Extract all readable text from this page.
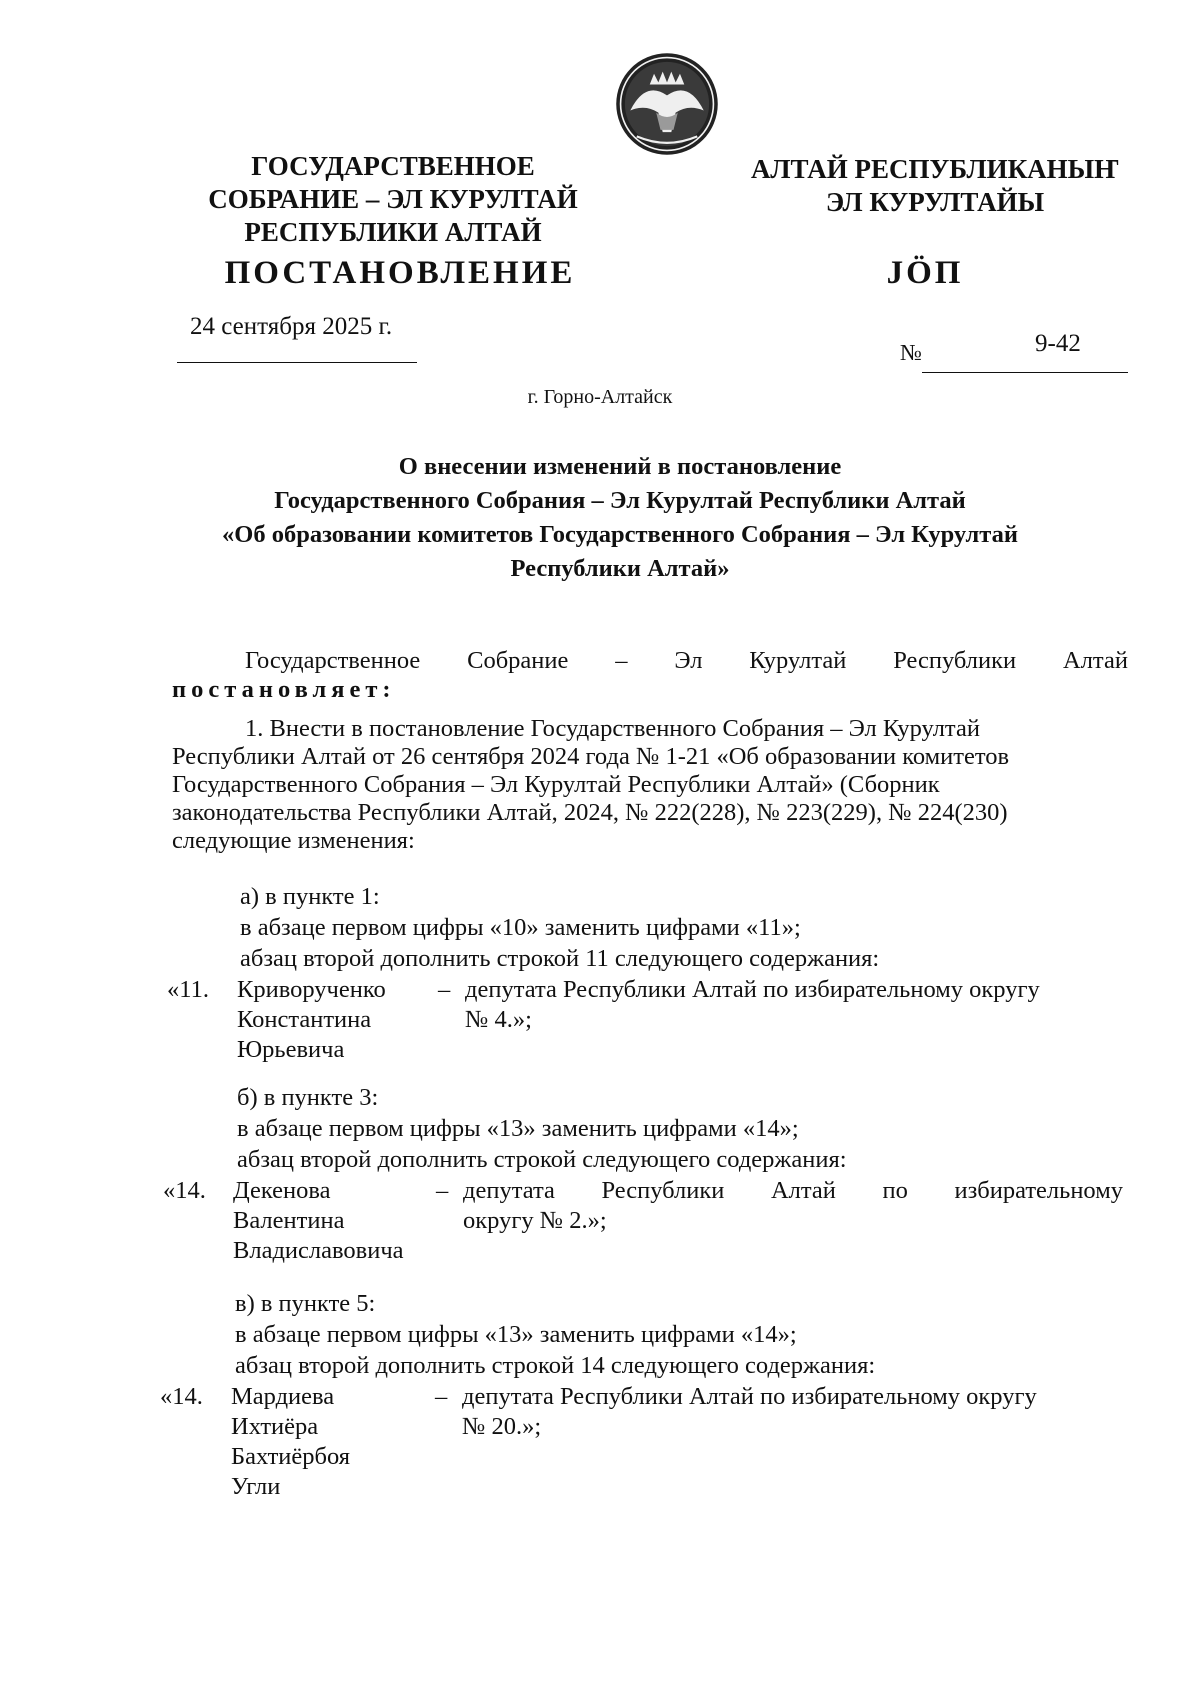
ГОСУДАРСТВЕННОЕ
СОБРАНИЕ – ЭЛ КУРУЛТАЙ
РЕСПУБЛИКИ АЛТАЙ
АЛТАЙ РЕСПУБЛИКАНЫҤ
ЭЛ КУРУЛТАЙЫ
ПОСТАНОВЛЕНИЕ	JÖП
24 сентября 2025 г.
№	9-42
г. Горно-Алтайск
О внесении изменений в постановление
Государственного Собрания – Эл Курултай Республики Алтай
«Об образовании комитетов Государственного Собрания – Эл Курултай
Республики Алтай»
Государственное Собрание – Эл Курултай Республики Алтай
постановляет:
1. Внести в постановление Государственного Собрания – Эл Курултай
Республики Алтай от 26 сентября 2024 года № 1-21 «Об образовании комитетов
Государственного Собрания – Эл Курултай Республики Алтай» (Сборник
законодательства Республики Алтай, 2024, № 222(228), № 223(229), № 224(230)
следующие изменения:
а) в пункте 1:
в абзаце первом цифры «10» заменить цифрами «11»;
абзац второй дополнить строкой 11 следующего содержания:
«11. Криворученко
Константина
Юрьевича
– депутата Республики Алтай по избирательному округу
№ 4.»;
б) в пункте 3:
в абзаце первом цифры «13» заменить цифрами «14»;
абзац второй дополнить строкой следующего содержания:
«14. Декенова
Валентина
Владиславовича
– депутата Республики Алтай по избирательному
округу № 2.»;
в) в пункте 5:
в абзаце первом цифры «13» заменить цифрами «14»;
абзац второй дополнить строкой 14 следующего содержания:
«14. Мардиева
Ихтиёра
Бахтиёрбоя
Угли
– депутата Республики Алтай по избирательному округу
№ 20.»;
